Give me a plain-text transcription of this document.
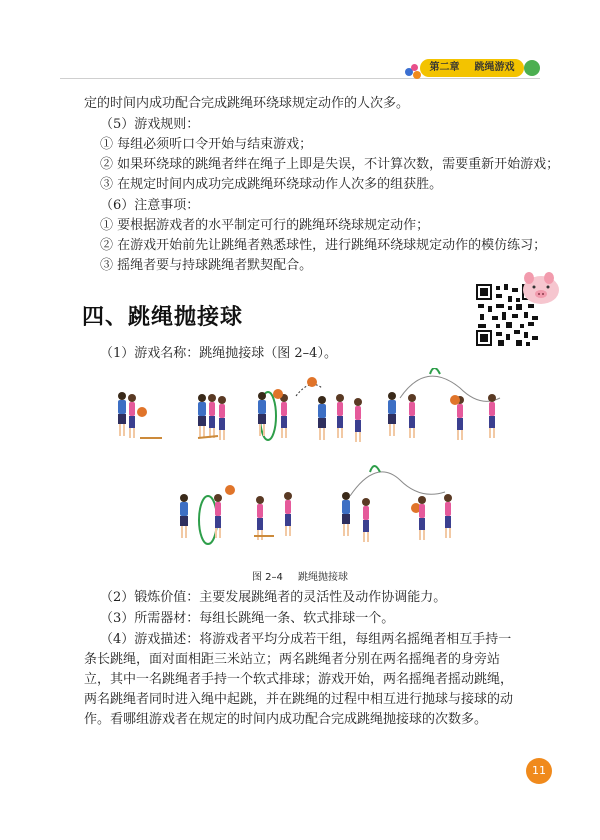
第二章 跳绳游戏

定的时间内成功配合完成跳绳环绕球规定动作的人次多。

（5）游戏规则：

① 每组必须听口令开始与结束游戏；

② 如果环绕球的跳绳者绊在绳子上即是失误，不计算次数，需要重新开始游戏；

③ 在规定时间内成功完成跳绳环绕球动作人次多的组获胜。

（6）注意事项：

① 要根据游戏者的水平制定可行的跳绳环绕球规定动作；

② 在游戏开始前先让跳绳者熟悉球性，进行跳绳环绕球规定动作的模仿练习；

③ 摇绳者要与持球跳绳者默契配合。

四、跳绳抛接球

（1）游戏名称：跳绳抛接球（图 2–4）。

图 2–4 跳绳抛接球

（2）锻炼价值：主要发展跳绳者的灵活性及动作协调能力。

（3）所需器材：每组长跳绳一条、软式排球一个。

（4）游戏描述：将游戏者平均分成若干组，每组两名摇绳者相互手持一条长跳绳，面对面相距三米站立；两名跳绳者分别在两名摇绳者的身旁站立，其中一名跳绳者手持一个软式排球；游戏开始，两名摇绳者摇动跳绳，两名跳绳者同时进入绳中起跳，并在跳绳的过程中相互进行抛球与接球的动作。看哪组游戏者在规定的时间内成功配合完成跳绳抛接球的次数多。

11
